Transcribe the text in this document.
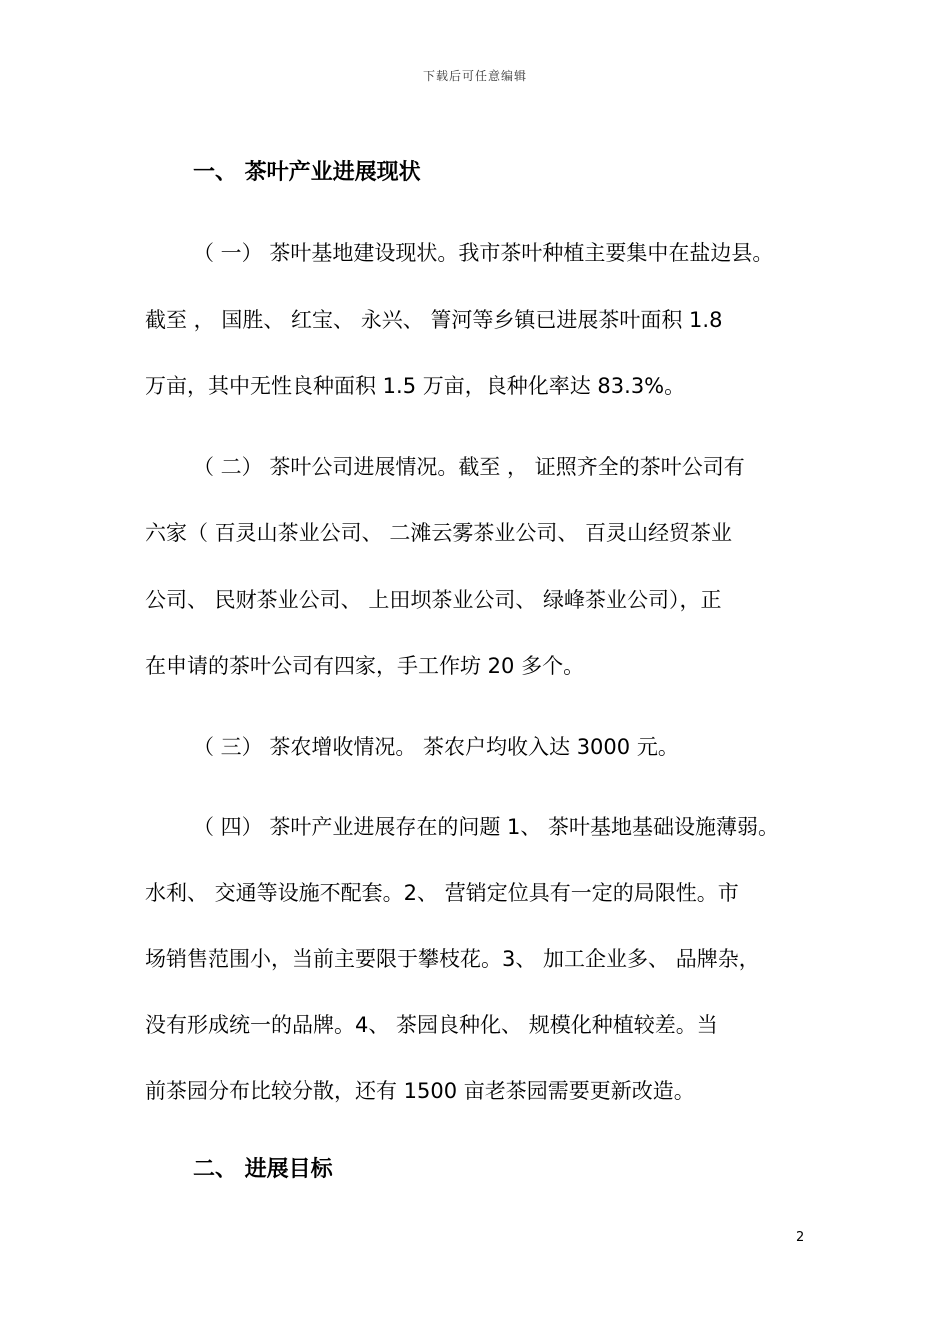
下载后可任意编辑
一、 茶叶产业进展现状
（ 一） 茶叶基地建设现状。我市茶叶种植主要集中在盐边县。
截至 ， 国胜、 红宝、 永兴、 箐河等乡镇已进展茶叶面积 1.8
万亩，其中无性良种面积 1.5 万亩，良种化率达 83.3%。
（ 二） 茶叶公司进展情况。截至 ， 证照齐全的茶叶公司有
六家（ 百灵山茶业公司、 二滩云雾茶业公司、 百灵山经贸茶业
公司、 民财茶业公司、 上田坝茶业公司、 绿峰茶业公司），正
在申请的茶叶公司有四家，手工作坊 20 多个。
（ 三） 茶农增收情况。 茶农户均收入达 3000 元。
（ 四） 茶叶产业进展存在的问题 1、 茶叶基地基础设施薄弱。
水利、 交通等设施不配套。2、 营销定位具有一定的局限性。市
场销售范围小，当前主要限于攀枝花。3、 加工企业多、 品牌杂，
没有形成统一的品牌。4、 茶园良种化、 规模化种植较差。当
前茶园分布比较分散，还有 1500 亩老茶园需要更新改造。
二、 进展目标
2
